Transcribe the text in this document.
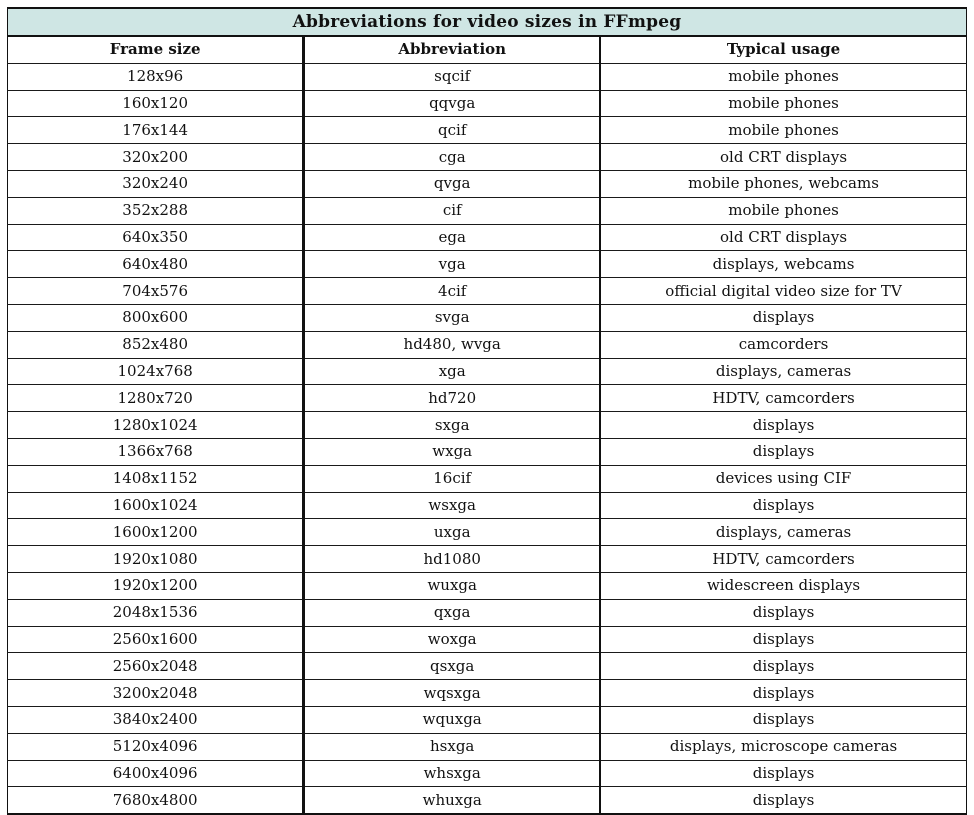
Abbreviations for video sizes in FFmpeg		
Frame size	Abbreviation	Typical usage
128x96	sqcif	mobile phones
160x120	qqvga	mobile phones
176x144	qcif	mobile phones
320x200	cga	old CRT displays
320x240	qvga	mobile phones, webcams
352x288	cif	mobile phones
640x350	ega	old CRT displays
640x480	vga	displays, webcams
704x576	4cif	official digital video size for TV
800x600	svga	displays
852x480	hd480, wvga	camcorders
1024x768	xga	displays, cameras
1280x720	hd720	HDTV, camcorders
1280x1024	sxga	displays
1366x768	wxga	displays
1408x1152	16cif	devices using CIF
1600x1024	wsxga	displays
1600x1200	uxga	displays, cameras
1920x1080	hd1080	HDTV, camcorders
1920x1200	wuxga	widescreen displays
2048x1536	qxga	displays
2560x1600	woxga	displays
2560x2048	qsxga	displays
3200x2048	wqsxga	displays
3840x2400	wquxga	displays
5120x4096	hsxga	displays, microscope cameras
6400x4096	whsxga	displays
7680x4800	whuxga	displays
